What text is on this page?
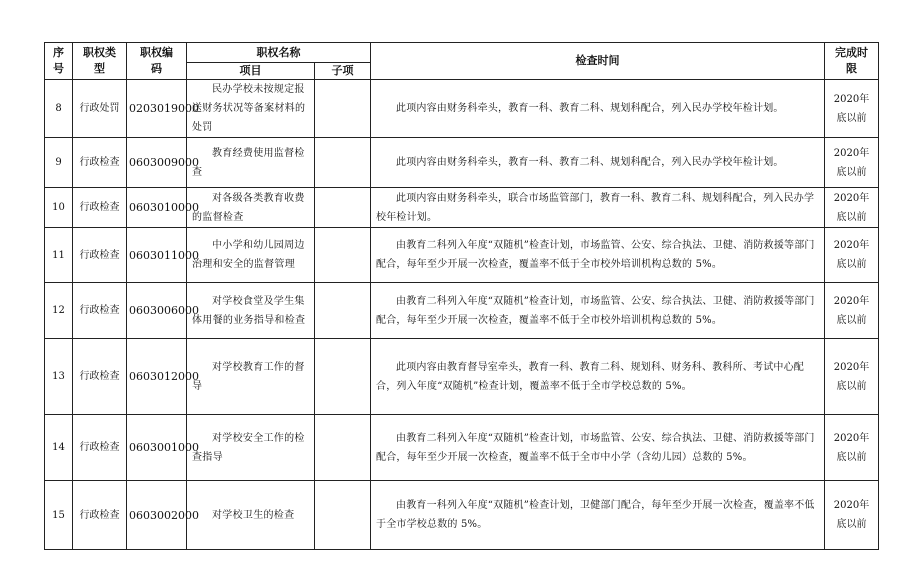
序号	职权类型	职权编码	职权名称		检查时间	完成时限
			项目	子项		
8	行政处罚	0203019000	民办学校未按规定报送财务状况等备案材料的处罚		此项内容由财务科牵头，教育一科、教育二科、规划科配合，列入民办学校年检计划。	2020年底以前
9	行政检查	0603009000	教育经费使用监督检查		此项内容由财务科牵头，教育一科、教育二科、规划科配合，列入民办学校年检计划。	2020年底以前
10	行政检查	0603010000	对各级各类教育收费的监督检查		此项内容由财务科牵头，联合市场监管部门，教育一科、教育二科、规划科配合，列入民办学校年检计划。	2020年底以前
11	行政检查	0603011000	中小学和幼儿园周边治理和安全的监督管理		由教育二科列入年度“双随机”检查计划，市场监管、公安、综合执法、卫健、消防救援等部门配合，每年至少开展一次检查，覆盖率不低于全市校外培训机构总数的 5%。	2020年底以前
12	行政检查	0603006000	对学校食堂及学生集体用餐的业务指导和检查		由教育二科列入年度“双随机”检查计划，市场监管、公安、综合执法、卫健、消防救援等部门配合，每年至少开展一次检查，覆盖率不低于全市校外培训机构总数的 5%。	2020年底以前
13	行政检查	0603012000	对学校教育工作的督导		此项内容由教育督导室牵头，教育一科、教育二科、规划科、财务科、教科所、考试中心配合，列入年度“双随机”检查计划，覆盖率不低于全市学校总数的 5%。	2020年底以前
14	行政检查	0603001000	对学校安全工作的检查指导		由教育二科列入年度“双随机”检查计划，市场监管、公安、综合执法、卫健、消防救援等部门配合，每年至少开展一次检查，覆盖率不低于全市中小学（含幼儿园）总数的 5%。	2020年底以前
15	行政检查	0603002000	对学校卫生的检查		由教育一科列入年度“双随机”检查计划，卫健部门配合，每年至少开展一次检查，覆盖率不低于全市学校总数的 5%。	2020年底以前
